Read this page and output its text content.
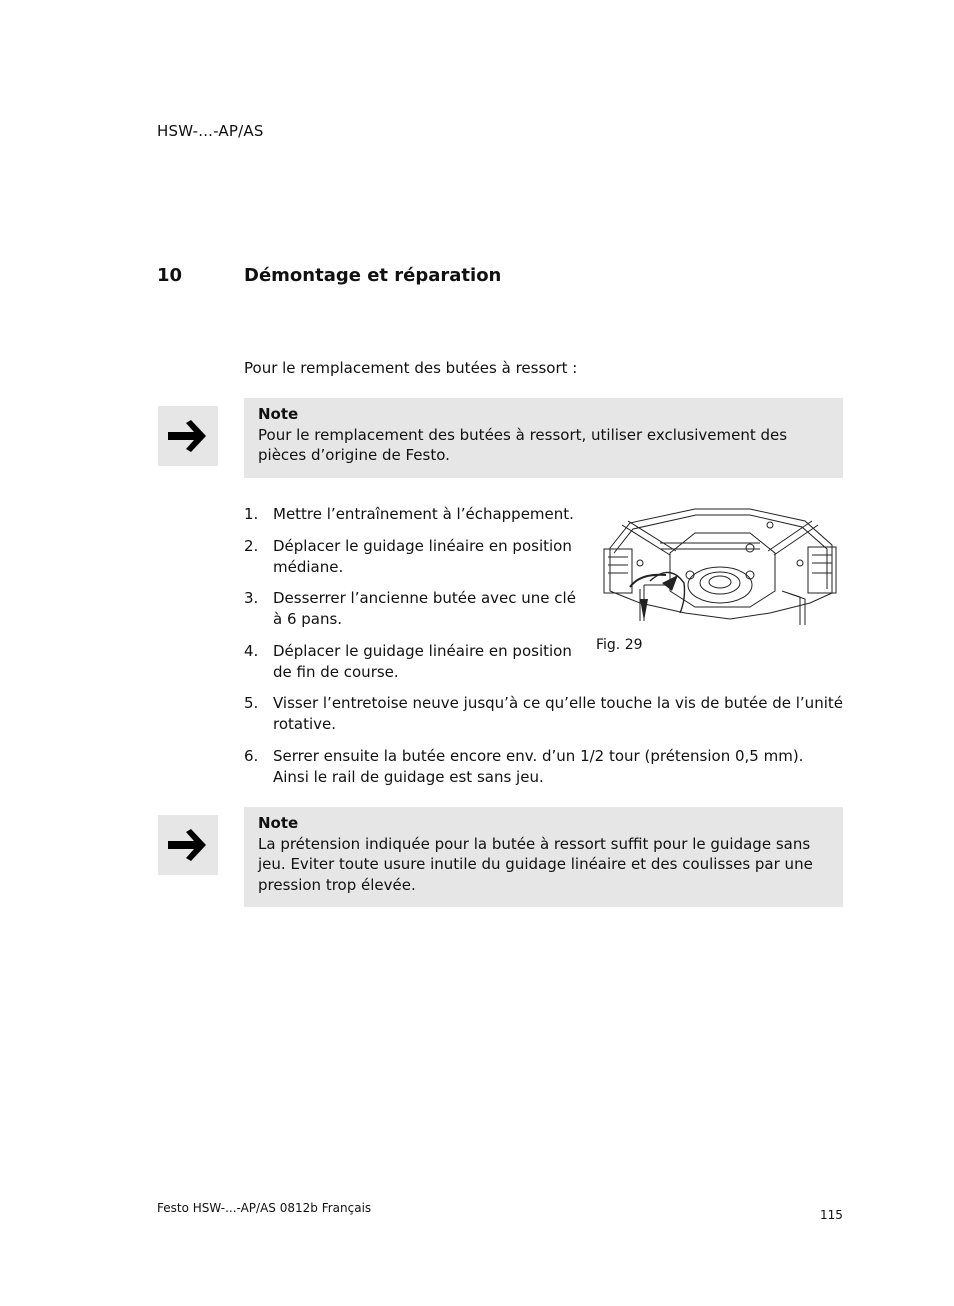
HSW-...-AP/AS
10	Démontage et réparation
Pour le remplacement des butées à ressort :
Note
Pour le remplacement des butées à ressort, utiliser exclusivement des pièces d’origine de Festo.
1. Mettre l’entraînement à l’échappement.
2. Déplacer le guidage linéaire en position médiane.
3. Desserrer l’ancienne butée avec une clé à 6 pans.
4. Déplacer le guidage linéaire en position de fin de course.
5. Visser l’entretoise neuve jusqu’à ce qu’elle touche la vis de butée de l’unité rotative.
6. Serrer ensuite la butée encore env. d’un 1/2 tour (prétension 0,5 mm). Ainsi le rail de guidage est sans jeu.
Fig. 29
Note
La prétension indiquée pour la butée à ressort suffit pour le guidage sans jeu. Eviter toute usure inutile du guidage linéaire et des coulisses par une pression trop élevée.
Festo HSW-...-AP/AS 0812b Français	115
